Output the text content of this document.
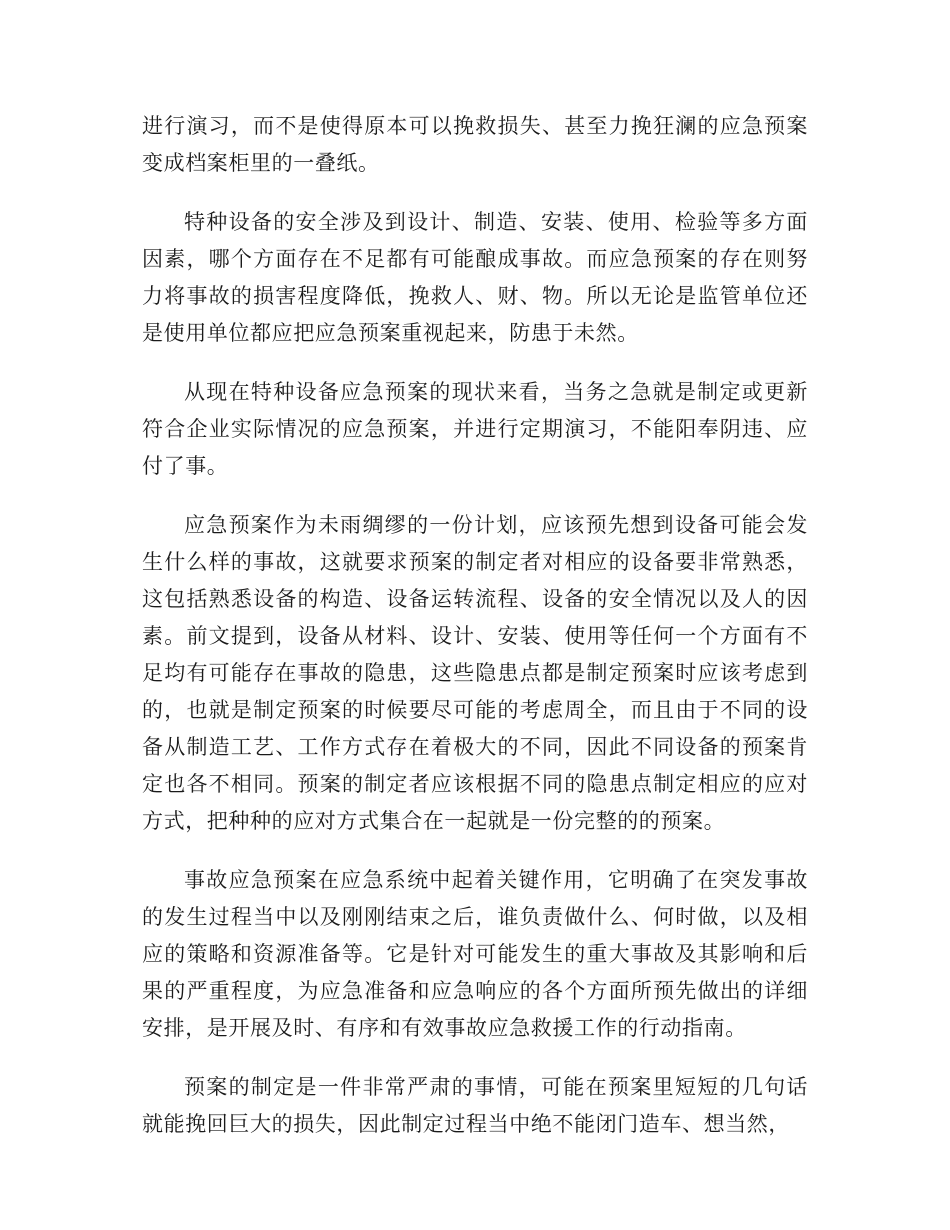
进行演习，而不是使得原本可以挽救损失、甚至力挽狂澜的应急预案变成档案柜里的一叠纸。

特种设备的安全涉及到设计、制造、安装、使用、检验等多方面因素，哪个方面存在不足都有可能酿成事故。而应急预案的存在则努力将事故的损害程度降低，挽救人、财、物。所以无论是监管单位还是使用单位都应把应急预案重视起来，防患于未然。

从现在特种设备应急预案的现状来看，当务之急就是制定或更新符合企业实际情况的应急预案，并进行定期演习，不能阳奉阴违、应付了事。

应急预案作为未雨绸缪的一份计划，应该预先想到设备可能会发生什么样的事故，这就要求预案的制定者对相应的设备要非常熟悉，这包括熟悉设备的构造、设备运转流程、设备的安全情况以及人的因素。前文提到，设备从材料、设计、安装、使用等任何一个方面有不足均有可能存在事故的隐患，这些隐患点都是制定预案时应该考虑到的，也就是制定预案的时候要尽可能的考虑周全，而且由于不同的设备从制造工艺、工作方式存在着极大的不同，因此不同设备的预案肯定也各不相同。预案的制定者应该根据不同的隐患点制定相应的应对方式，把种种的应对方式集合在一起就是一份完整的的预案。

事故应急预案在应急系统中起着关键作用，它明确了在突发事故的发生过程当中以及刚刚结束之后，谁负责做什么、何时做，以及相应的策略和资源准备等。它是针对可能发生的重大事故及其影响和后果的严重程度，为应急准备和应急响应的各个方面所预先做出的详细安排，是开展及时、有序和有效事故应急救援工作的行动指南。

预案的制定是一件非常严肃的事情，可能在预案里短短的几句话就能挽回巨大的损失，因此制定过程当中绝不能闭门造车、想当然，
